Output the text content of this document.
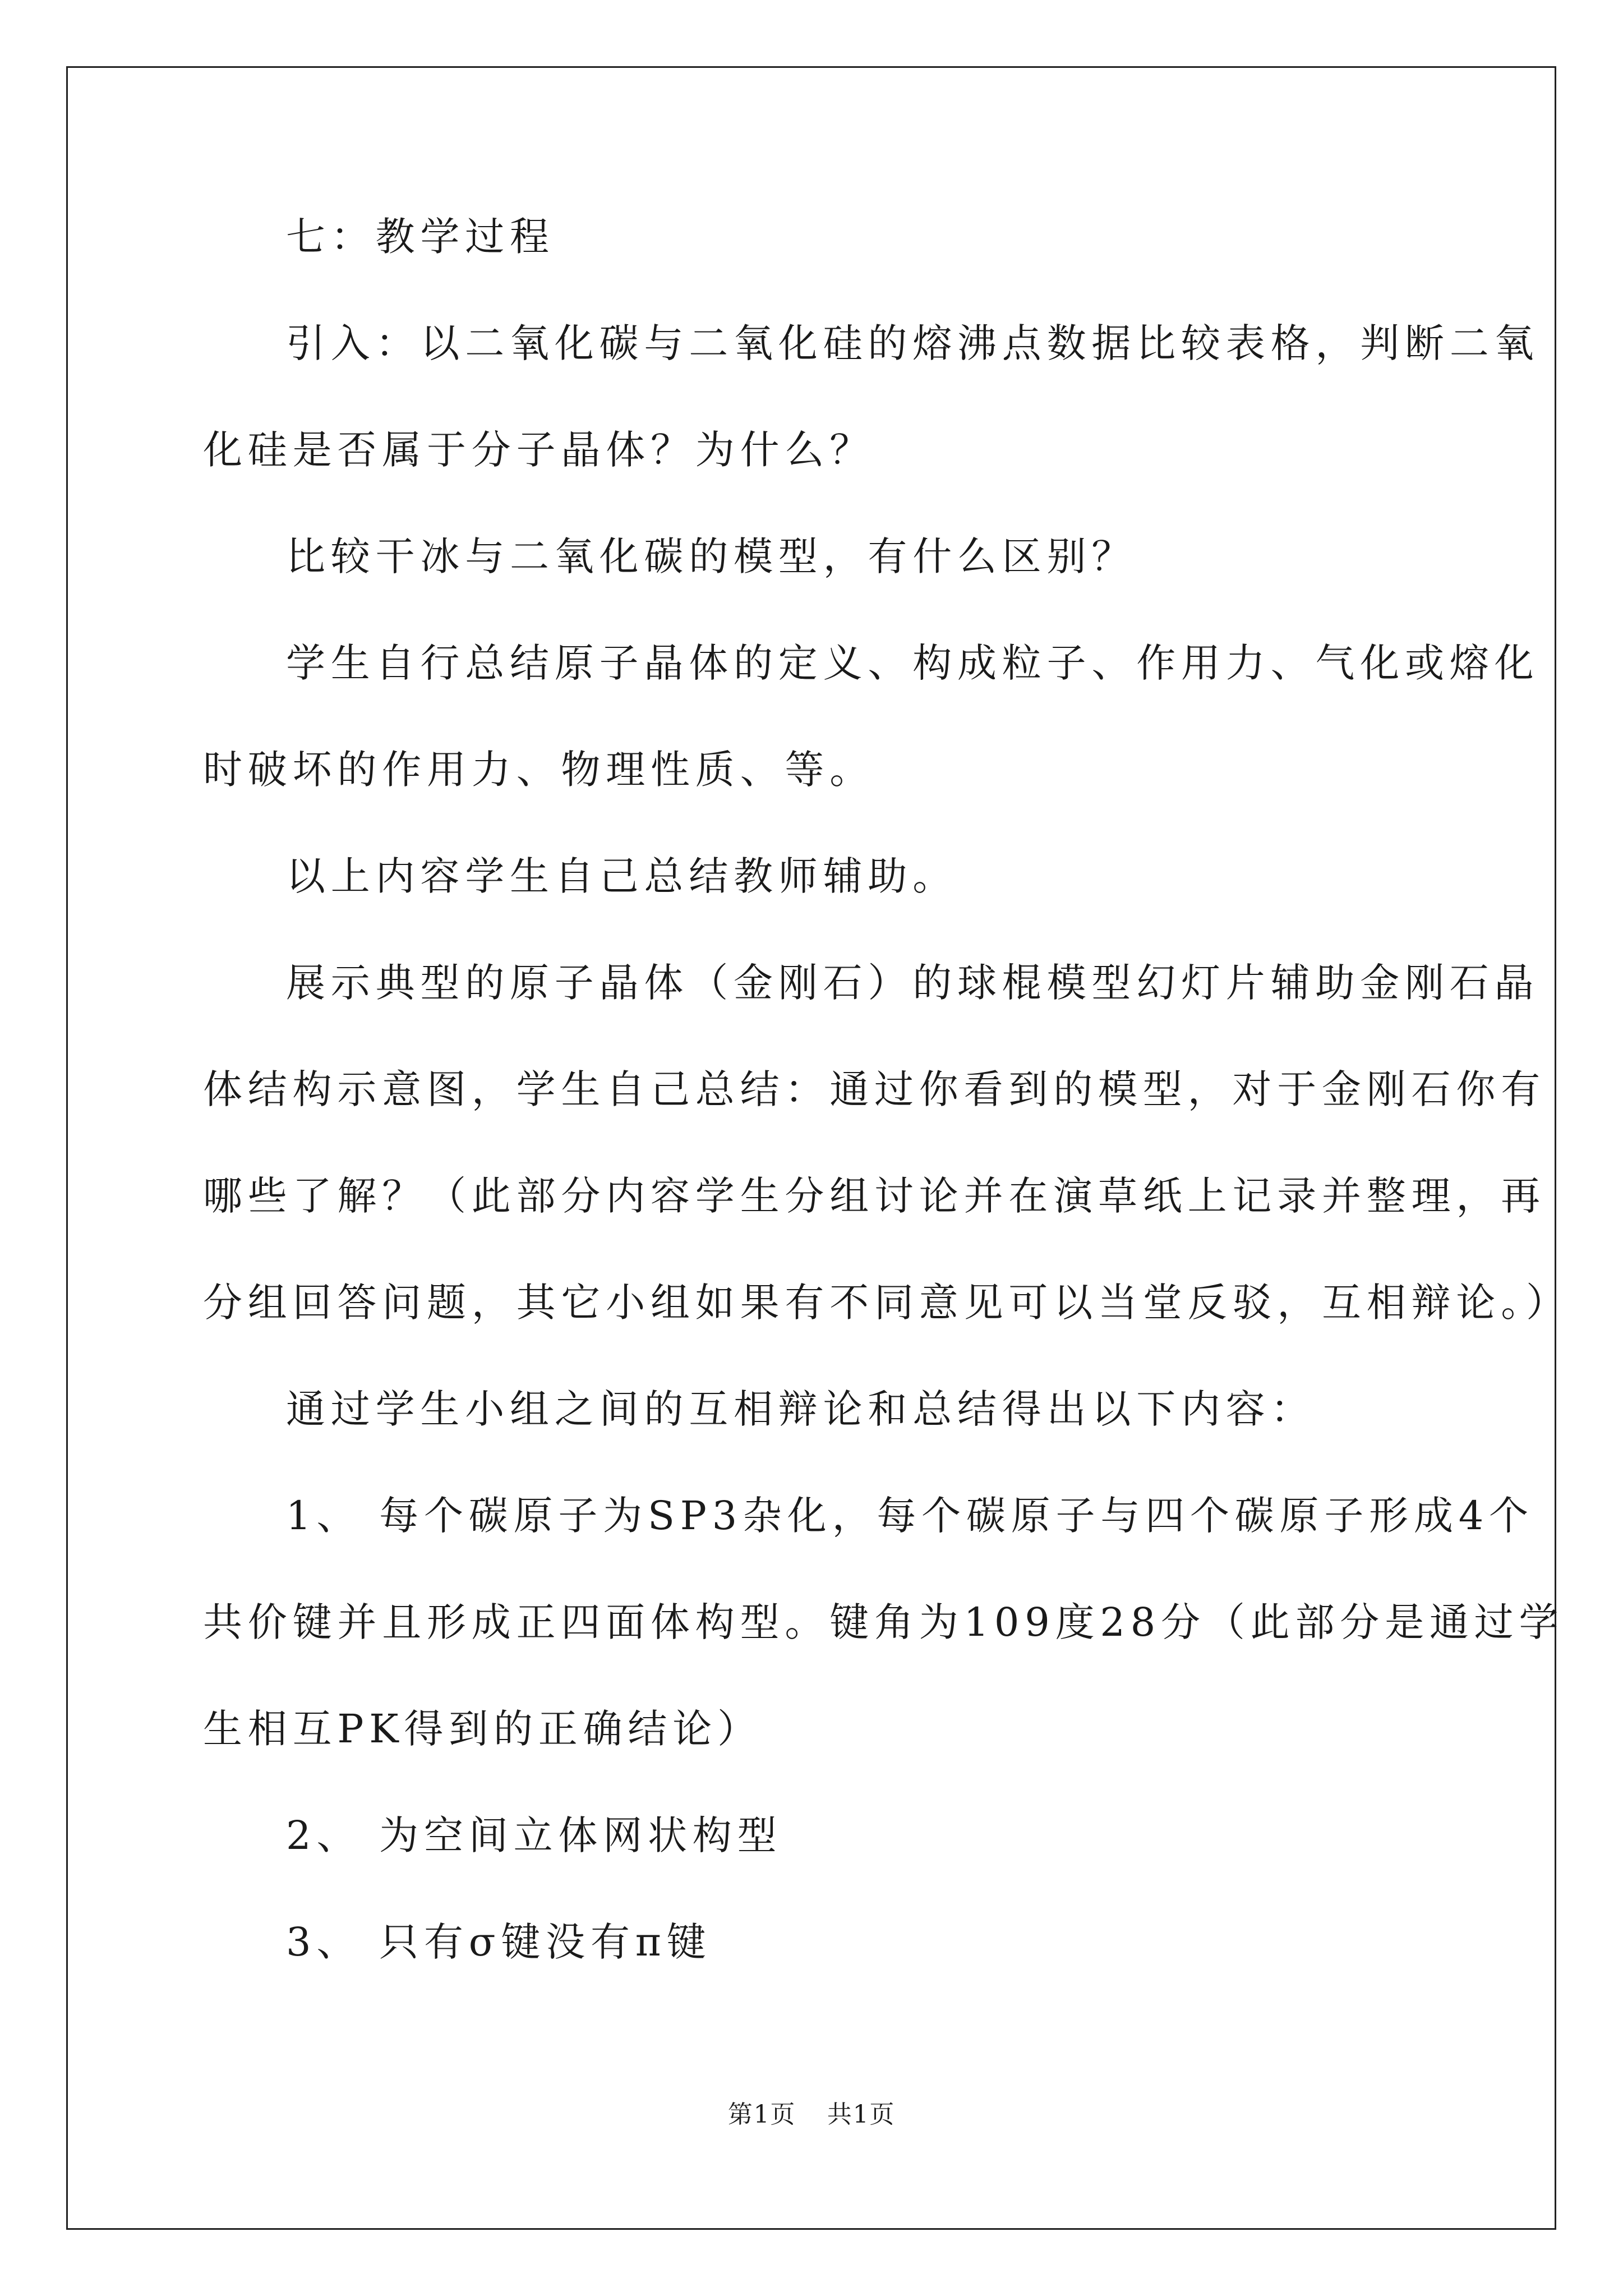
七：教学过程
引入：以二氧化碳与二氧化硅的熔沸点数据比较表格，判断二氧
化硅是否属于分子晶体？为什么？
比较干冰与二氧化碳的模型，有什么区别？
学生自行总结原子晶体的定义、构成粒子、作用力、气化或熔化
时破坏的作用力、物理性质、等。
以上内容学生自己总结教师辅助。
展示典型的原子晶体（金刚石）的球棍模型幻灯片辅助金刚石晶
体结构示意图，学生自己总结：通过你看到的模型，对于金刚石你有
哪些了解？（此部分内容学生分组讨论并在演草纸上记录并整理，再
分组回答问题，其它小组如果有不同意见可以当堂反驳，互相辩论。）
通过学生小组之间的互相辩论和总结得出以下内容：
1、 每个碳原子为SP3杂化，每个碳原子与四个碳原子形成4个
共价键并且形成正四面体构型。键角为109度28分（此部分是通过学
生相互PK得到的正确结论）
2、 为空间立体网状构型
3、 只有σ键没有π键
第1页 共1页
